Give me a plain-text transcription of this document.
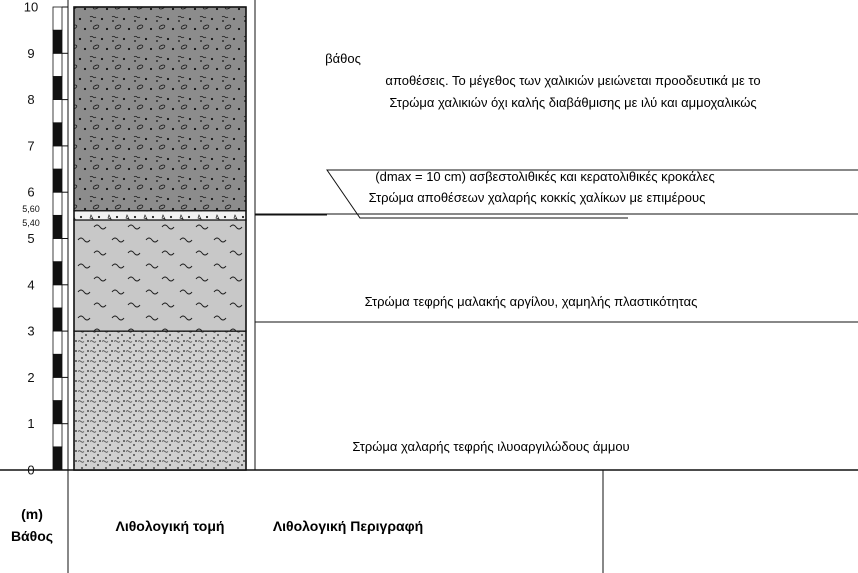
Λιθολογική Περιγραφή
Λιθολογική τομή
Βάθος
(m)
0
1
2
3
4
5
5,40
5,60
6
7
8
9
10
Στρώμα χαλαρής τεφρής ιλυοαργιλώδους άμμου
Στρώμα τεφρής μαλακής αργίλου, χαμηλής πλαστικότητας
Στρώμα αποθέσεων χαλαρής κοκκίς χαλίκων με επιμέρους
(dmax = 10 cm) ασβεστολιθικές και κερατολιθικές κροκάλες
Στρώμα χαλικιών όχι καλής διαβάθμισης με ιλύ και αμμοχαλικώς
αποθέσεις. Το μέγεθος των χαλικιών μειώνεται προοδευτικά με το
βάθος
